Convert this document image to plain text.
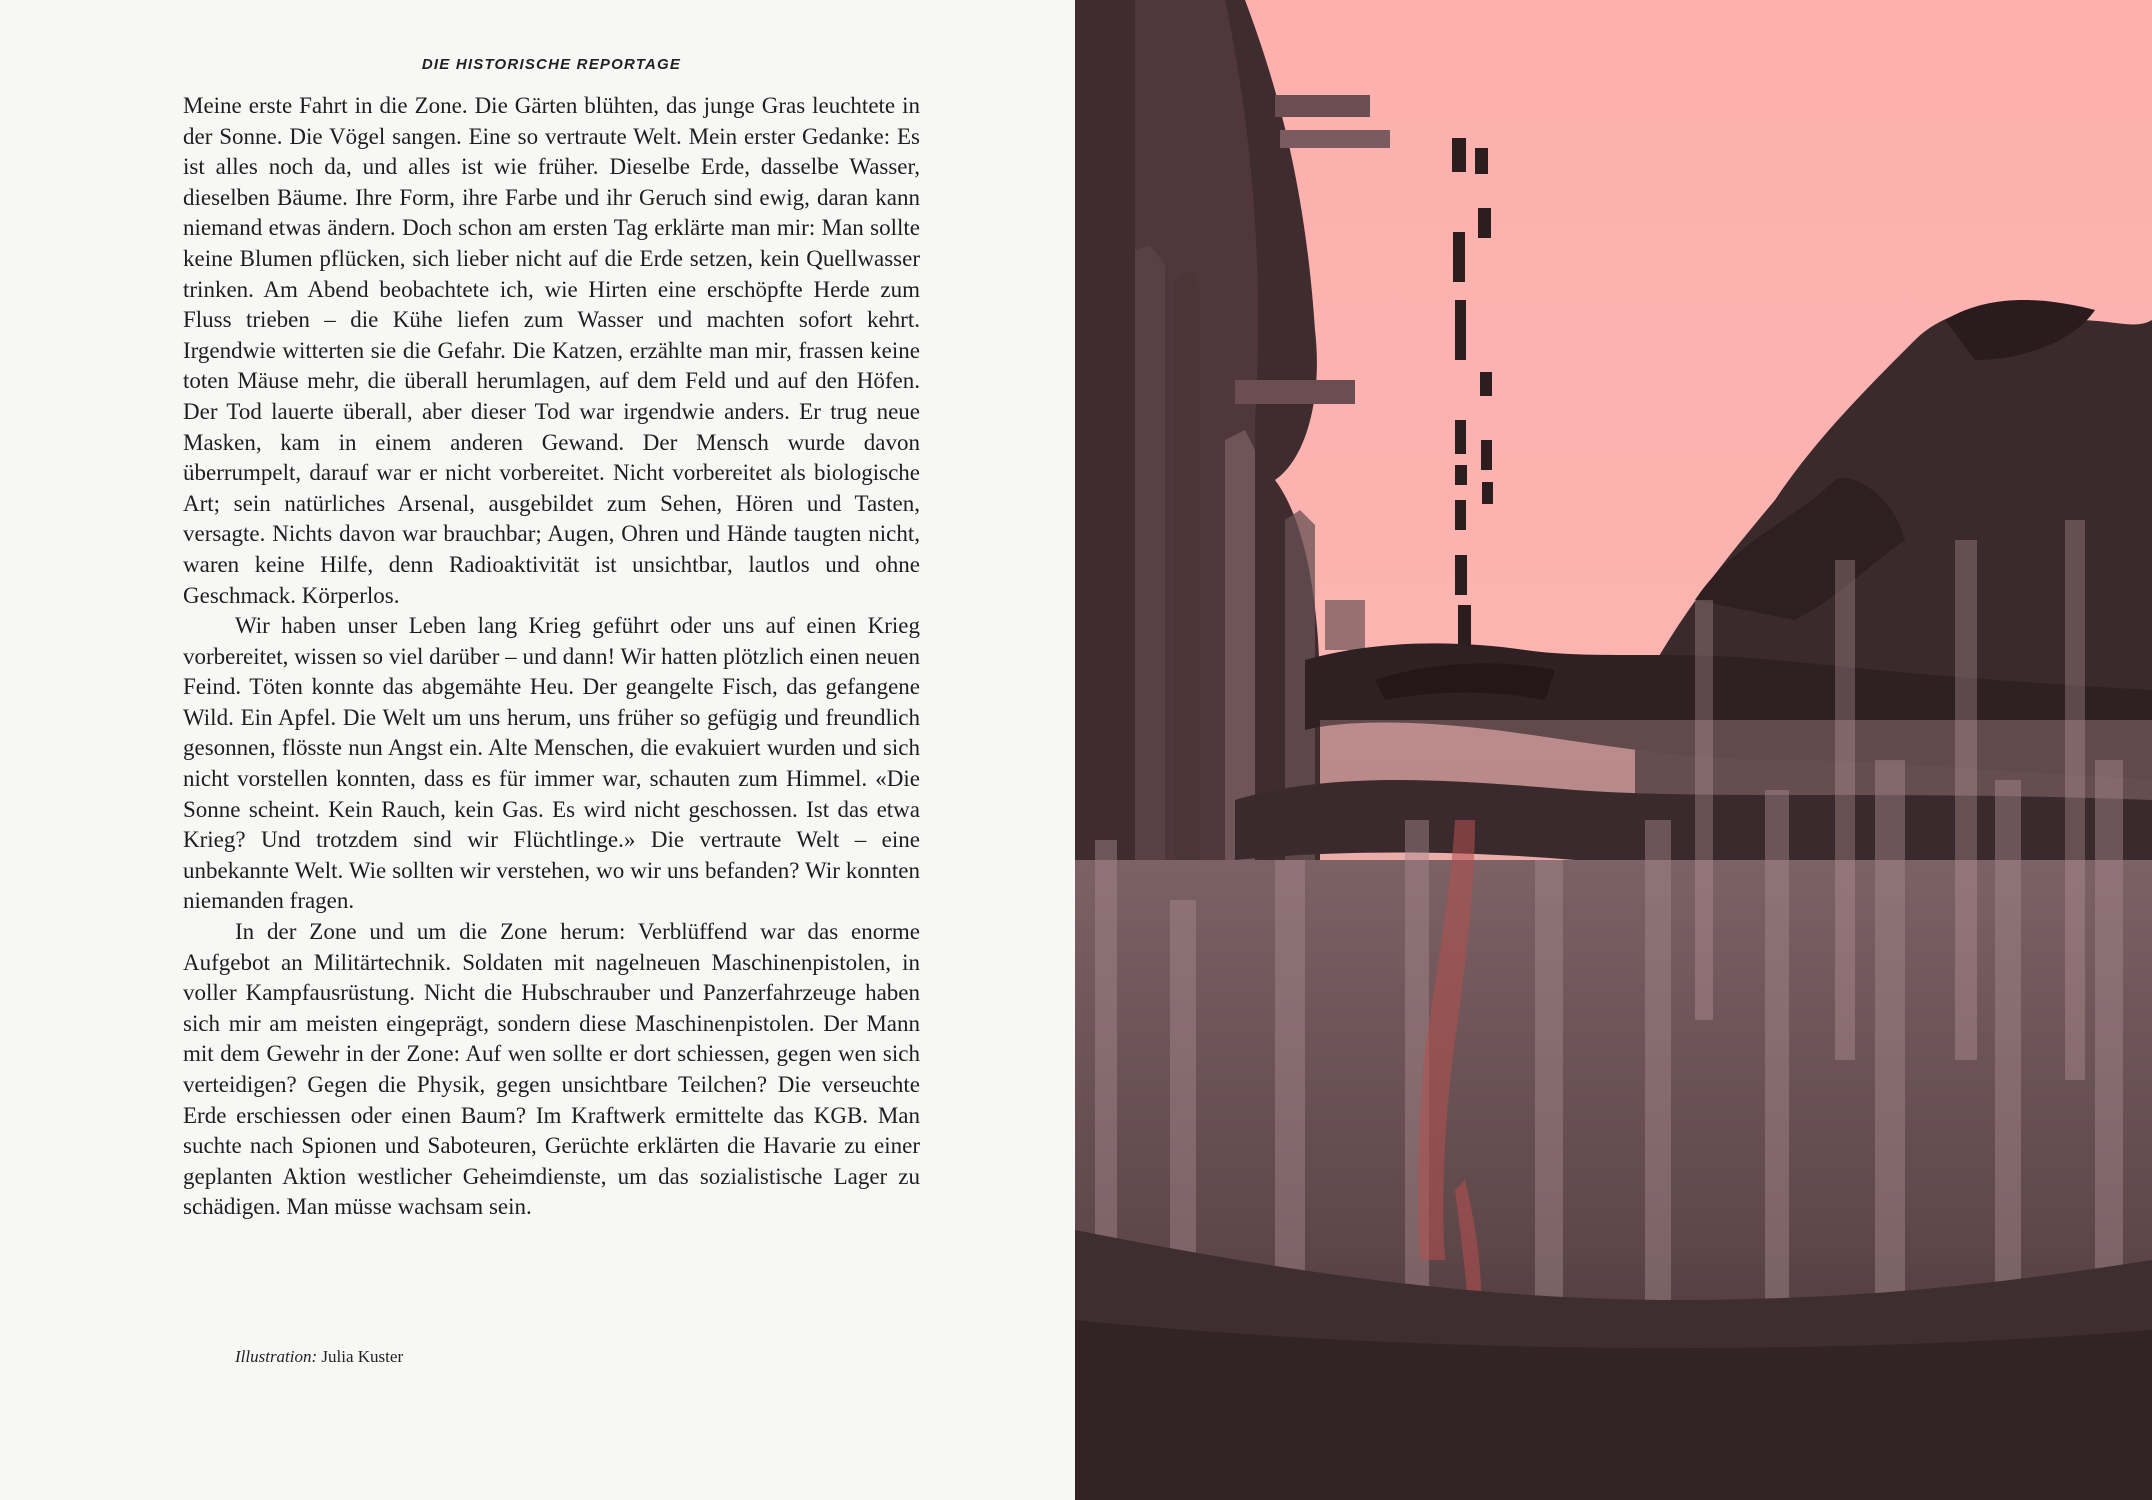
DIE HISTORISCHE REPORTAGE

Meine erste Fahrt in die Zone. Die Gärten blühten, das junge Gras leuchtete in der Sonne. Die Vögel sangen. Eine so vertraute Welt. Mein erster Gedanke: Es ist alles noch da, und alles ist wie früher. Dieselbe Erde, dasselbe Wasser, dieselben Bäume. Ihre Form, ihre Farbe und ihr Geruch sind ewig, daran kann niemand etwas ändern. Doch schon am ersten Tag erklärte man mir: Man sollte keine Blumen pflücken, sich lieber nicht auf die Erde setzen, kein Quellwasser trinken. Am Abend beobachtete ich, wie Hirten eine erschöpfte Herde zum Fluss trieben – die Kühe liefen zum Wasser und machten sofort kehrt. Irgendwie witterten sie die Gefahr. Die Katzen, erzählte man mir, frassen keine toten Mäuse mehr, die überall herumlagen, auf dem Feld und auf den Höfen. Der Tod lauerte überall, aber dieser Tod war irgendwie anders. Er trug neue Masken, kam in einem anderen Gewand. Der Mensch wurde davon überrumpelt, darauf war er nicht vorbereitet. Nicht vorbereitet als biologische Art; sein natürliches Arsenal, ausgebildet zum Sehen, Hören und Tasten, versagte. Nichts davon war brauchbar; Augen, Ohren und Hände taugten nicht, waren keine Hilfe, denn Radioaktivität ist unsichtbar, lautlos und ohne Geschmack. Körperlos.

Wir haben unser Leben lang Krieg geführt oder uns auf einen Krieg vorbereitet, wissen so viel darüber – und dann! Wir hatten plötzlich einen neuen Feind. Töten konnte das abgemähte Heu. Der geangelte Fisch, das gefangene Wild. Ein Apfel. Die Welt um uns herum, uns früher so gefügig und freundlich gesonnen, flösste nun Angst ein. Alte Menschen, die evakuiert wurden und sich nicht vorstellen konnten, dass es für immer war, schauten zum Himmel. «Die Sonne scheint. Kein Rauch, kein Gas. Es wird nicht geschossen. Ist das etwa Krieg? Und trotzdem sind wir Flüchtlinge.» Die vertraute Welt – eine unbekannte Welt. Wie sollten wir verstehen, wo wir uns befanden? Wir konnten niemanden fragen.

In der Zone und um die Zone herum: Verblüffend war das enorme Aufgebot an Militärtechnik. Soldaten mit nagelneuen Maschinenpistolen, in voller Kampfausrüstung. Nicht die Hubschrauber und Panzerfahrzeuge haben sich mir am meisten eingeprägt, sondern diese Maschinenpistolen. Der Mann mit dem Gewehr in der Zone: Auf wen sollte er dort schiessen, gegen wen sich verteidigen? Gegen die Physik, gegen unsichtbare Teilchen? Die verseuchte Erde erschiessen oder einen Baum? Im Kraftwerk ermittelte das KGB. Man suchte nach Spionen und Saboteuren, Gerüchte erklärten die Havarie zu einer geplanten Aktion westlicher Geheimdienste, um das sozialistische Lager zu schädigen. Man müsse wachsam sein.

Illustration: Julia Kuster
